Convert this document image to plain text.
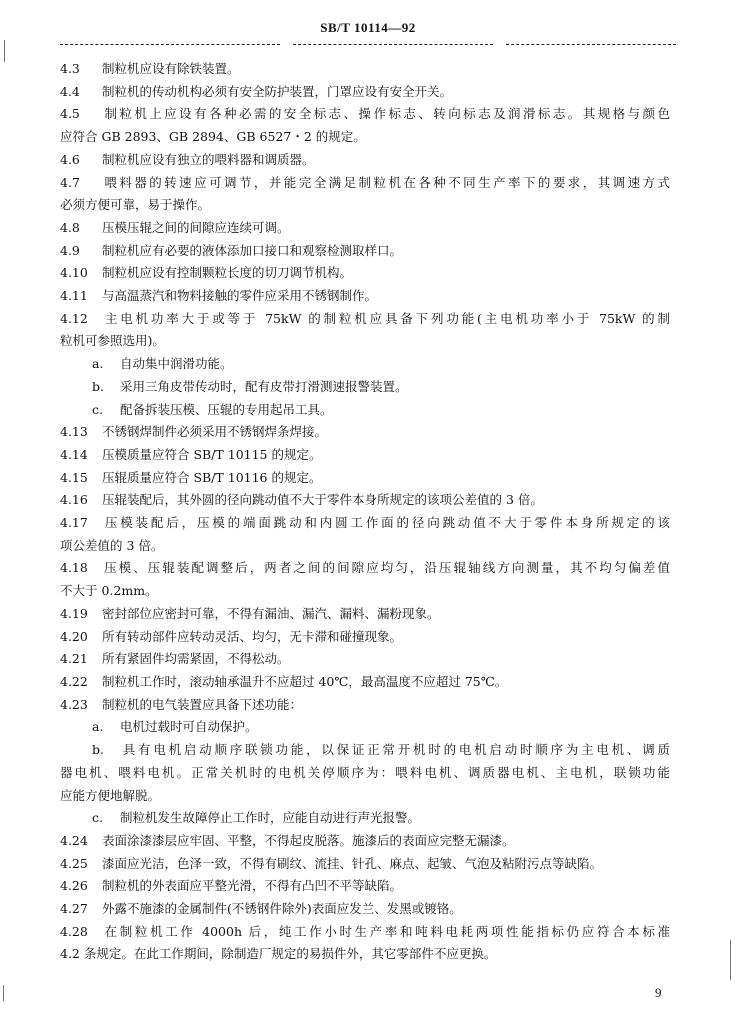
SB/T 10114—92
4.3 制粒机应设有除铁装置。
4.4 制粒机的传动机构必须有安全防护装置，门罩应设有安全开关。
4.5 制粒机上应设有各种必需的安全标志、操作标志、转向标志及润滑标志。其规格与颜色
应符合 GB 2893、GB 2894、GB 6527・2 的规定。
4.6 制粒机应设有独立的喂料器和调质器。
4.7 喂料器的转速应可调节，并能完全满足制粒机在各种不同生产率下的要求，其调速方式
必须方便可靠，易于操作。
4.8 压模压辊之间的间隙应连续可调。
4.9 制粒机应有必要的液体添加口接口和观察检测取样口。
4.10 制粒机应设有控制颗粒长度的切刀调节机构。
4.11 与高温蒸汽和物料接触的零件应采用不锈钢制作。
4.12 主电机功率大于或等于 75kW 的制粒机应具备下列功能(主电机功率小于 75kW 的制
粒机可参照选用)。
a. 自动集中润滑功能。
b. 采用三角皮带传动时，配有皮带打滑测速报警装置。
c. 配备拆装压模、压辊的专用起吊工具。
4.13 不锈钢焊制件必须采用不锈钢焊条焊接。
4.14 压模质量应符合 SB/T 10115 的规定。
4.15 压辊质量应符合 SB/T 10116 的规定。
4.16 压辊装配后，其外圆的径向跳动值不大于零件本身所规定的该项公差值的 3 倍。
4.17 压模装配后，压模的端面跳动和内圆工作面的径向跳动值不大于零件本身所规定的该
项公差值的 3 倍。
4.18 压模、压辊装配调整后，两者之间的间隙应均匀，沿压辊轴线方向测量，其不均匀偏差值
不大于 0.2mm。
4.19 密封部位应密封可靠，不得有漏油、漏汽、漏料、漏粉现象。
4.20 所有转动部件应转动灵活、均匀，无卡滞和碰撞现象。
4.21 所有紧固件均需紧固，不得松动。
4.22 制粒机工作时，滚动轴承温升不应超过 40℃，最高温度不应超过 75℃。
4.23 制粒机的电气装置应具备下述功能：
a. 电机过载时可自动保护。
b. 具有电机启动顺序联锁功能，以保证正常开机时的电机启动时顺序为主电机、调质
器电机、喂料电机。正常关机时的电机关停顺序为：喂料电机、调质器电机、主电机，联锁功能
应能方便地解脱。
c. 制粒机发生故障停止工作时，应能自动进行声光报警。
4.24 表面涂漆漆层应牢固、平整，不得起皮脱落。施漆后的表面应完整无漏漆。
4.25 漆面应光洁，色泽一致，不得有刷纹、流挂、针孔、麻点、起皱、气泡及粘附污点等缺陷。
4.26 制粒机的外表面应平整光滑，不得有凸凹不平等缺陷。
4.27 外露不施漆的金属制件(不锈钢件除外)表面应发兰、发黑或镀铬。
4.28 在制粒机工作 4000h 后，纯工作小时生产率和吨料电耗两项性能指标仍应符合本标准
4.2 条规定。在此工作期间，除制造厂规定的易损件外，其它零部件不应更换。
9
